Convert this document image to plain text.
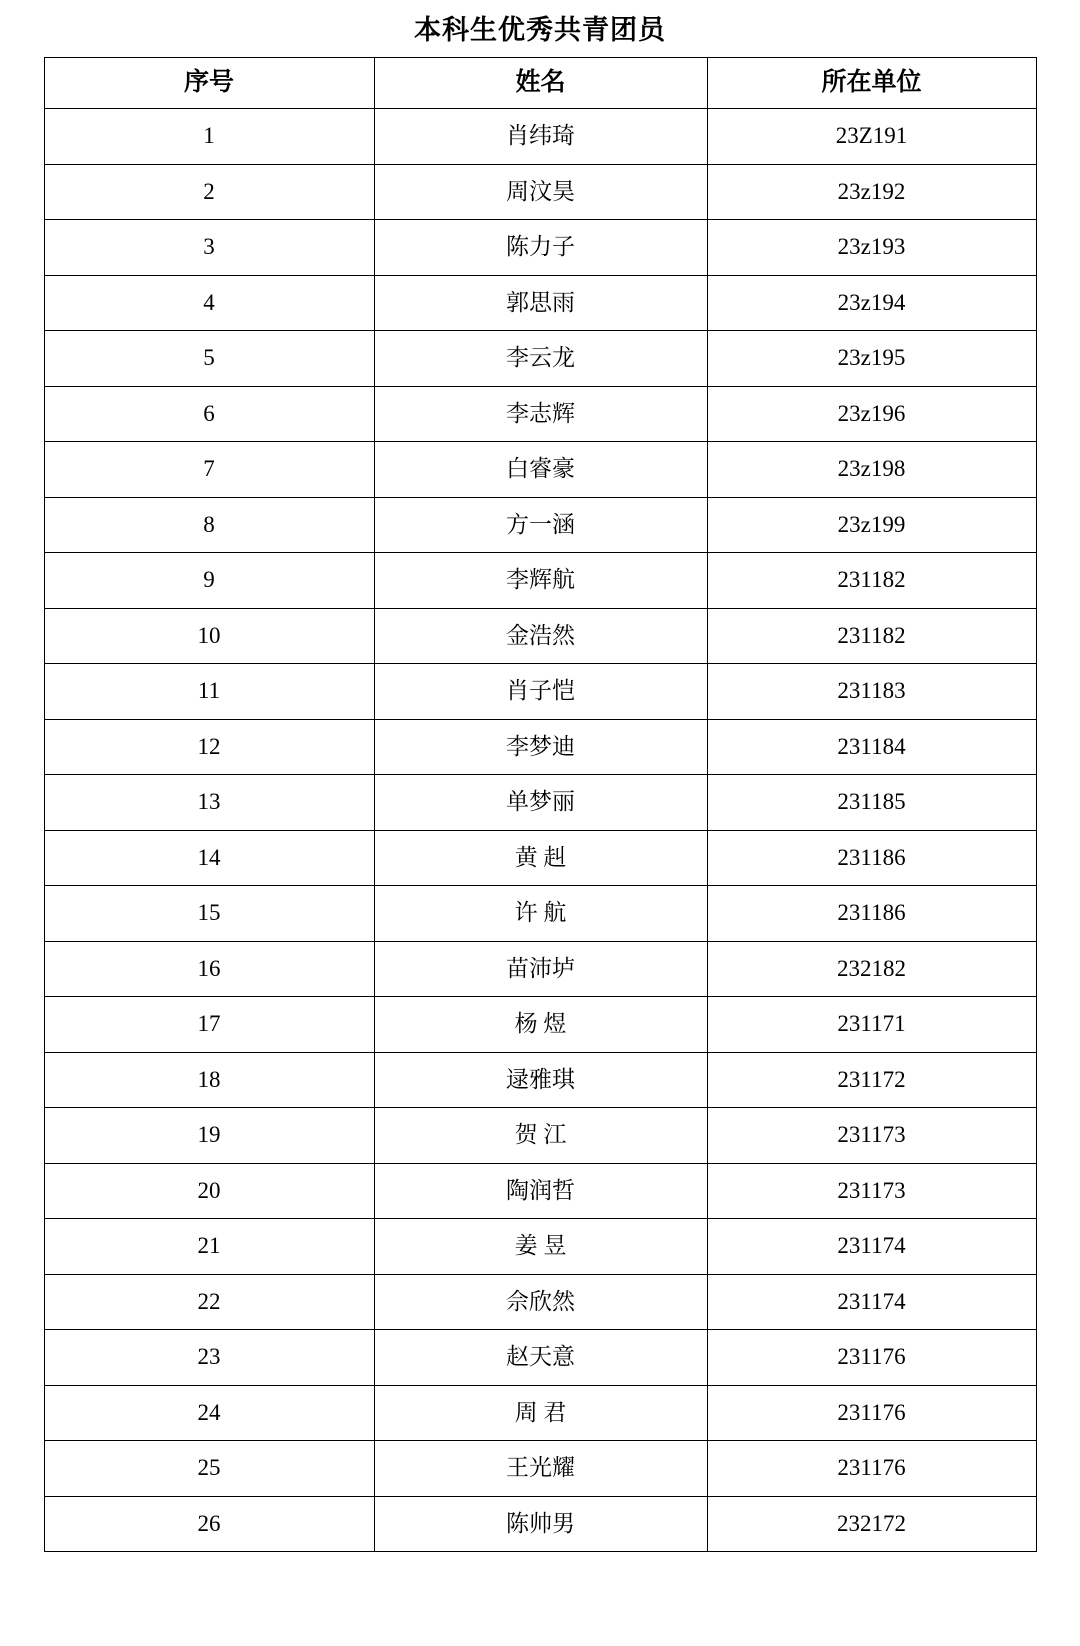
本科生优秀共青团员
序号	姓名	所在单位
1	肖纬琦	23Z191
2	周汶昊	23z192
3	陈力子	23z193
4	郭思雨	23z194
5	李云龙	23z195
6	李志辉	23z196
7	白睿豪	23z198
8	方一涵	23z199
9	李辉航	231182
10	金浩然	231182
11	肖子恺	231183
12	李梦迪	231184
13	单梦丽	231185
14	黄 赳	231186
15	许 航	231186
16	苗沛垆	232182
17	杨 煜	231171
18	逯雅琪	231172
19	贺 江	231173
20	陶润哲	231173
21	姜 昱	231174
22	佘欣然	231174
23	赵天意	231176
24	周 君	231176
25	王光耀	231176
26	陈帅男	232172
